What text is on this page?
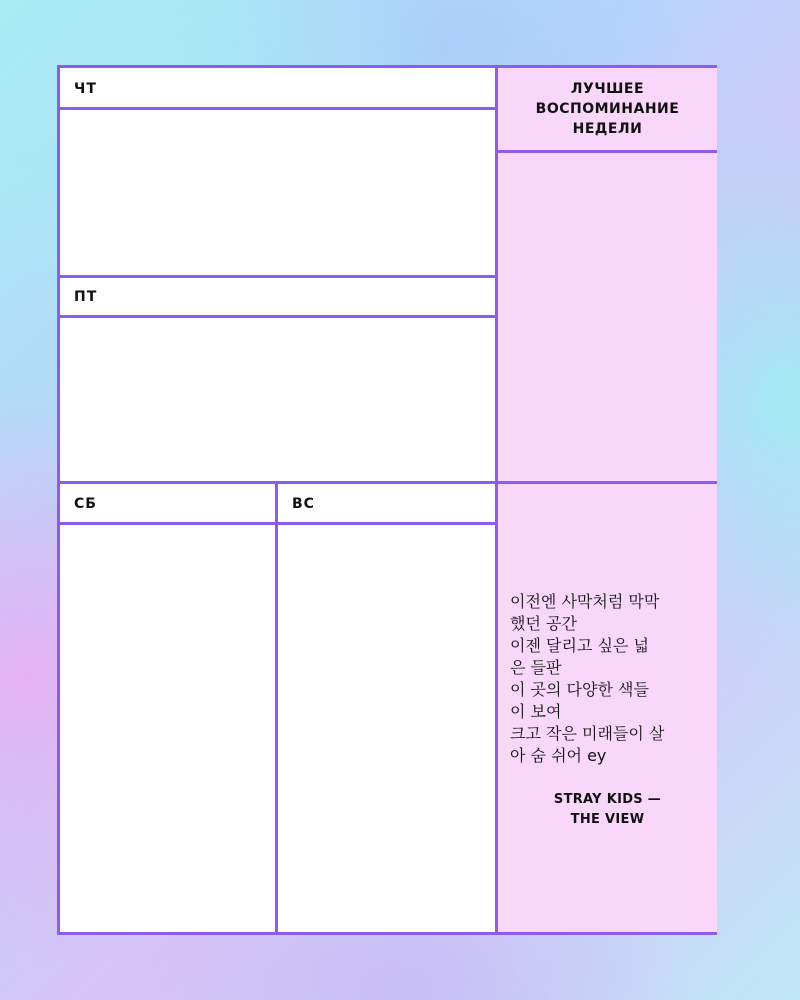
ЧТ
ПТ
СБ	ВС
ЛУЧШЕЕ
ВОСПОМИНАНИЕ
НЕДЕЛИ
이전엔 사막처럼 막막
했던 공간
이젠 달리고 싶은 넓
은 들판
이 곳의 다양한 색들
이 보여
크고 작은 미래들이 살
아 숨 쉬어 ey
STRAY KIDS —
THE VIEW
